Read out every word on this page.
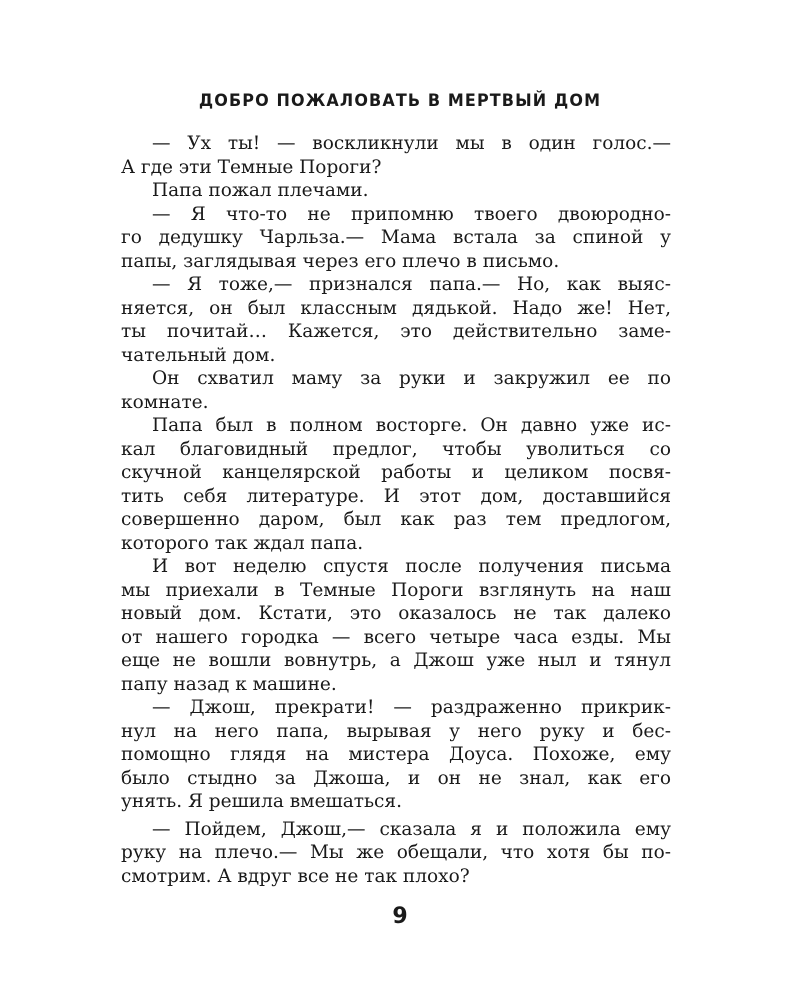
ДОБРО ПОЖАЛОВАТЬ В МЕРТВЫЙ ДОМ
— Ух ты! — воскликнули мы в один голос.—
А где эти Темные Пороги?
Папа пожал плечами.
— Я что-то не припомню твоего двоюродно-
го дедушку Чарльза.— Мама встала за спиной у
папы, заглядывая через его плечо в письмо.
— Я тоже,— признался папа.— Но, как выяс-
няется, он был классным дядькой. Надо же! Нет,
ты почитай… Кажется, это действительно заме-
чательный дом.
Он схватил маму за руки и закружил ее по
комнате.
Папа был в полном восторге. Он давно уже ис-
кал благовидный предлог, чтобы уволиться со
скучной канцелярской работы и целиком посвя-
тить себя литературе. И этот дом, доставшийся
совершенно даром, был как раз тем предлогом,
которого так ждал папа.
И вот неделю спустя после получения письма
мы приехали в Темные Пороги взглянуть на наш
новый дом. Кстати, это оказалось не так далеко
от нашего городка — всего четыре часа езды. Мы
еще не вошли вовнутрь, а Джош уже ныл и тянул
папу назад к машине.
— Джош, прекрати! — раздраженно прикрик-
нул на него папа, вырывая у него руку и бес-
помощно глядя на мистера Доуса. Похоже, ему
было стыдно за Джоша, и он не знал, как его
унять. Я решила вмешаться.
— Пойдем, Джош,— сказала я и положила ему
руку на плечо.— Мы же обещали, что хотя бы по-
смотрим. А вдруг все не так плохо?
9
